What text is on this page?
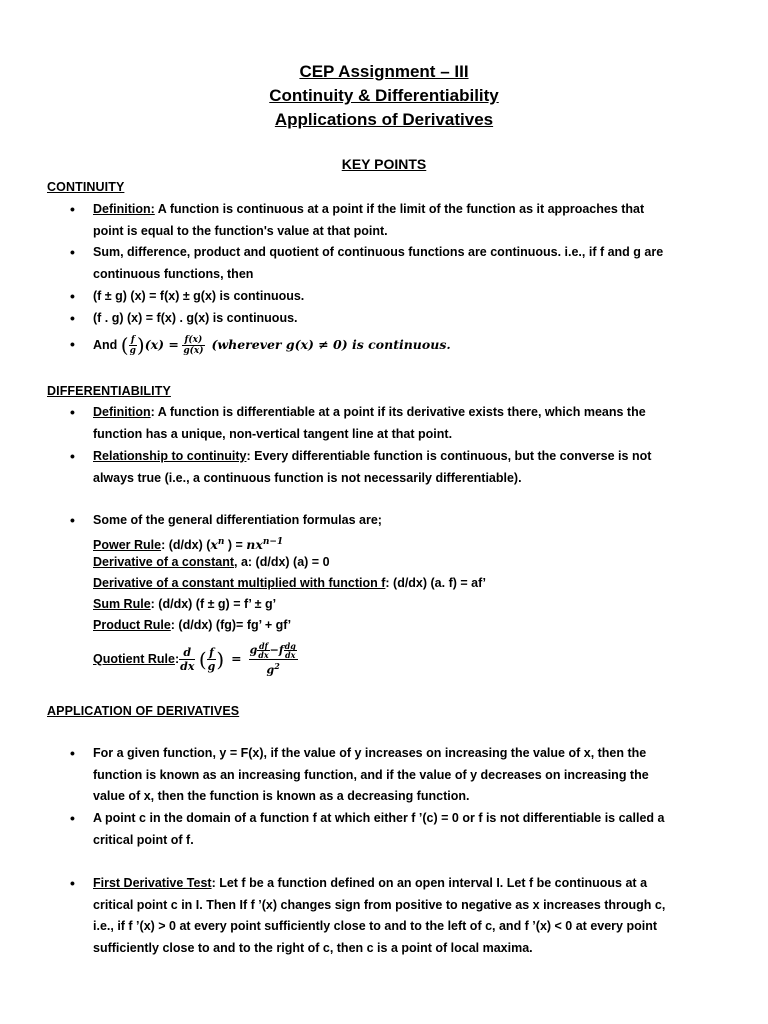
CEP Assignment – III
Continuity & Differentiability
Applications of Derivatives
KEY POINTS
CONTINUITY
•	Definition: A function is continuous at a point if the limit of the function as it approaches that
point is equal to the function's value at that point.
•	Sum, difference, product and quotient of continuous functions are continuous. i.e., if f and g are
continuous functions, then
•	(f ± g) (x) = f(x) ± g(x) is continuous.
•	(f . g) (x) = f(x) . g(x) is continuous.
•	And ( $\frac{f}{g} )(x) = \frac{f(x)}{g(x)}$ (wherever g(x) ≠ 0) is continuous.
DIFFERENTIABILITY
•	Definition: A function is differentiable at a point if its derivative exists there, which means the
function has a unique, non-vertical tangent line at that point.
•	Relationship to continuity: Every differentiable function is continuous, but the converse is not
always true (i.e., a continuous function is not necessarily differentiable).
•	Some of the general differentiation formulas are;
Power Rule: (d/dx) ($x^n$ ) = $nx^{n-1}$
Derivative of a constant, a: (d/dx) (a) = 0
Derivative of a constant multiplied with function f: (d/dx) (a. f) = af’
Sum Rule: (d/dx) (f ± g) = f’ ± g’
Product Rule: (d/dx) (fg)= fg’ + gf’
Quotient Rule: $\frac{d}{dx}$ ( $\frac{f}{g}$ ) = $\frac{g \frac{df}{dx} -f \frac{dg}{dx}}{g^2}$
APPLICATION OF DERIVATIVES
•	For a given function, y = F(x), if the value of y increases on increasing the value of x, then the
function is known as an increasing function, and if the value of y decreases on increasing the
value of x, then the function is known as a decreasing function.
•	A point c in the domain of a function f at which either f ’(c) = 0 or f is not differentiable is called a
critical point of f.
•	First Derivative Test: Let f be a function defined on an open interval I. Let f be continuous at a
critical point c in I. Then If f ’(x) changes sign from positive to negative as x increases through c,
i.e., if f ’(x) > 0 at every point sufficiently close to and to the left of c, and f ’(x) < 0 at every point
sufficiently close to and to the right of c, then c is a point of local maxima.
